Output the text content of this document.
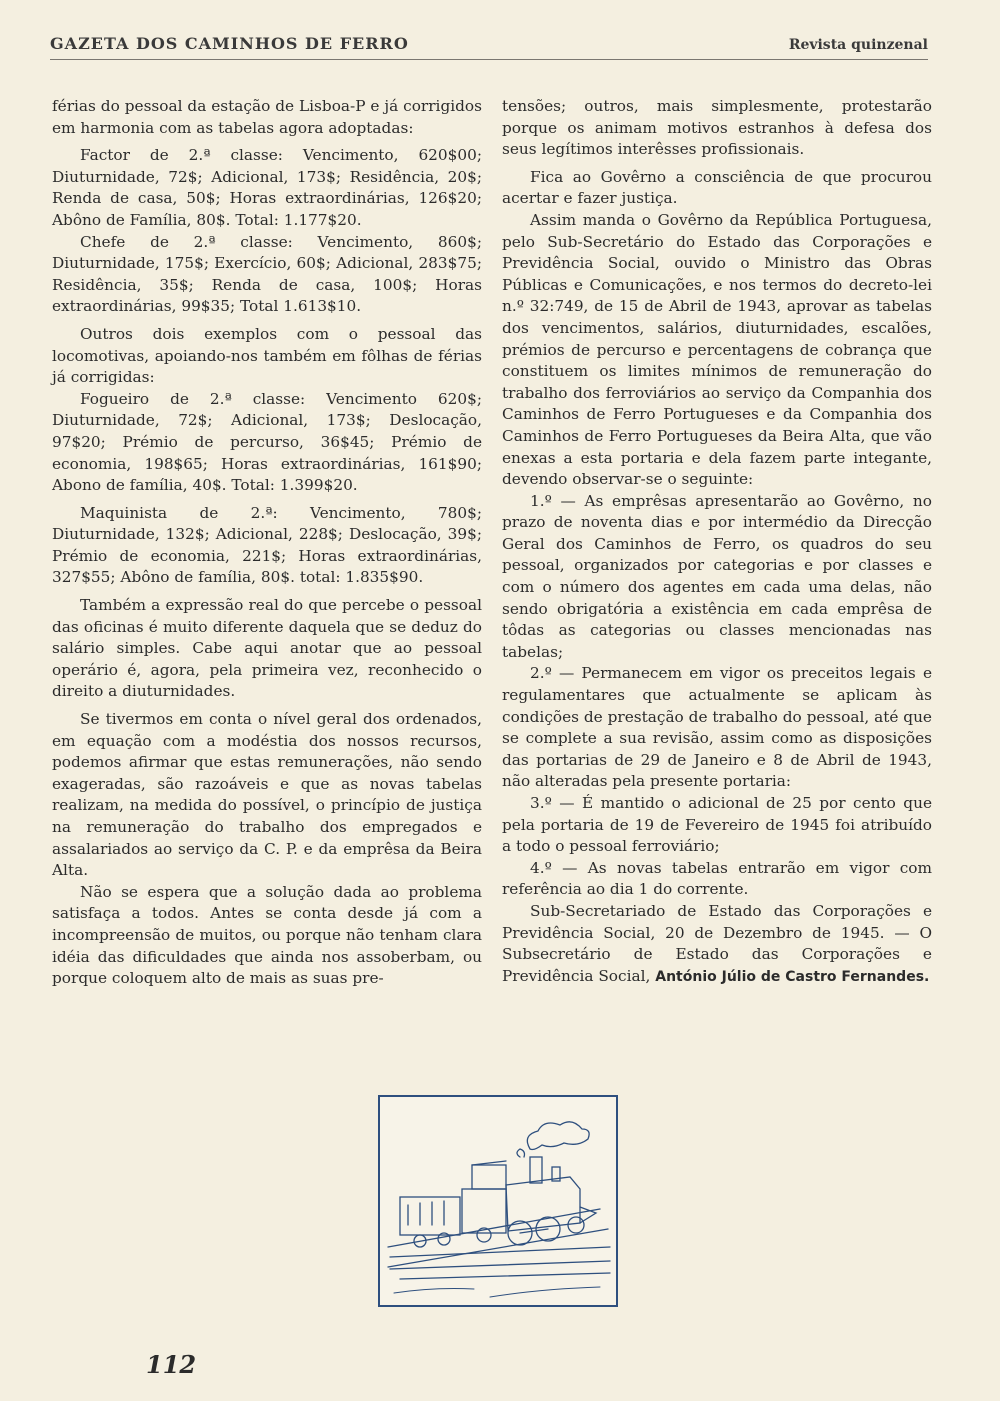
GAZETA DOS CAMINHOS DE FERRO	Revista quinzenal

férias do pessoal da estação de Lisboa-P e já corrigidos em harmonia com as tabelas agora adoptadas:

Factor de 2.ª classe: Vencimento, 620$00; Diuturnidade, 72$; Adicional, 173$; Residência, 20$; Renda de casa, 50$; Horas extraordinárias, 126$20; Abôno de Família, 80$. Total: 1.177$20.

Chefe de 2.ª classe: Vencimento, 860$; Diuturnidade, 175$; Exercício, 60$; Adicional, 283$75; Residência, 35$; Renda de casa, 100$; Horas extraordinárias, 99$35; Total 1.613$10.

Outros dois exemplos com o pessoal das locomotivas, apoiando-nos também em fôlhas de férias já corrigidas:

Fogueiro de 2.ª classe: Vencimento 620$; Diuturnidade, 72$; Adicional, 173$; Deslocação, 97$20; Prémio de percurso, 36$45; Prémio de economia, 198$65; Horas extraordinárias, 161$90; Abono de família, 40$. Total: 1.399$20.

Maquinista de 2.ª: Vencimento, 780$; Diuturnidade, 132$; Adicional, 228$; Deslocação, 39$; Prémio de economia, 221$; Horas extraordinárias, 327$55; Abôno de família, 80$. total: 1.835$90.

Também a expressão real do que percebe o pessoal das oficinas é muito diferente daquela que se deduz do salário simples. Cabe aqui anotar que ao pessoal operário é, agora, pela primeira vez, reconhecido o direito a diuturnidades.

Se tivermos em conta o nível geral dos ordenados, em equação com a modéstia dos nossos recursos, podemos afirmar que estas remunerações, não sendo exageradas, são razoáveis e que as novas tabelas realizam, na medida do possível, o princípio de justiça na remuneração do trabalho dos empregados e assalariados ao serviço da C. P. e da emprêsa da Beira Alta.

Não se espera que a solução dada ao problema satisfaça a todos. Antes se conta desde já com a incompreensão de muitos, ou porque não tenham clara idéia das dificuldades que ainda nos assoberbam, ou porque coloquem alto de mais as suas pre-

tensões; outros, mais simplesmente, protestarão porque os animam motivos estranhos à defesa dos seus legítimos interêsses profissionais.

Fica ao Govêrno a consciência de que procurou acertar e fazer justiça.

Assim manda o Govêrno da República Portuguesa, pelo Sub-Secretário do Estado das Corporações e Previdência Social, ouvido o Ministro das Obras Públicas e Comunicações, e nos termos do decreto-lei n.º 32:749, de 15 de Abril de 1943, aprovar as tabelas dos vencimentos, salários, diuturnidades, escalões, prémios de percurso e percentagens de cobrança que constituem os limites mínimos de remuneração do trabalho dos ferroviários ao serviço da Companhia dos Caminhos de Ferro Portugueses e da Companhia dos Caminhos de Ferro Portugueses da Beira Alta, que vão enexas a esta portaria e dela fazem parte integante, devendo observar-se o seguinte:

1.º — As emprêsas apresentarão ao Govêrno, no prazo de noventa dias e por intermédio da Direcção Geral dos Caminhos de Ferro, os quadros do seu pessoal, organizados por categorias e por classes e com o número dos agentes em cada uma delas, não sendo obrigatória a existência em cada emprêsa de tôdas as categorias ou classes mencionadas nas tabelas;

2.º — Permanecem em vigor os preceitos legais e regulamentares que actualmente se aplicam às condições de prestação de trabalho do pessoal, até que se complete a sua revisão, assim como as disposições das portarias de 29 de Janeiro e 8 de Abril de 1943, não alteradas pela presente portaria:

3.º — É mantido o adicional de 25 por cento que pela portaria de 19 de Fevereiro de 1945 foi atribuído a todo o pessoal ferroviário;

4.º — As novas tabelas entrarão em vigor com referência ao dia 1 do corrente.

Sub-Secretariado de Estado das Corporações e Previdência Social, 20 de Dezembro de 1945. — O Subsecretário de Estado das Corporações e Previdência Social, António Júlio de Castro Fernandes.

112
